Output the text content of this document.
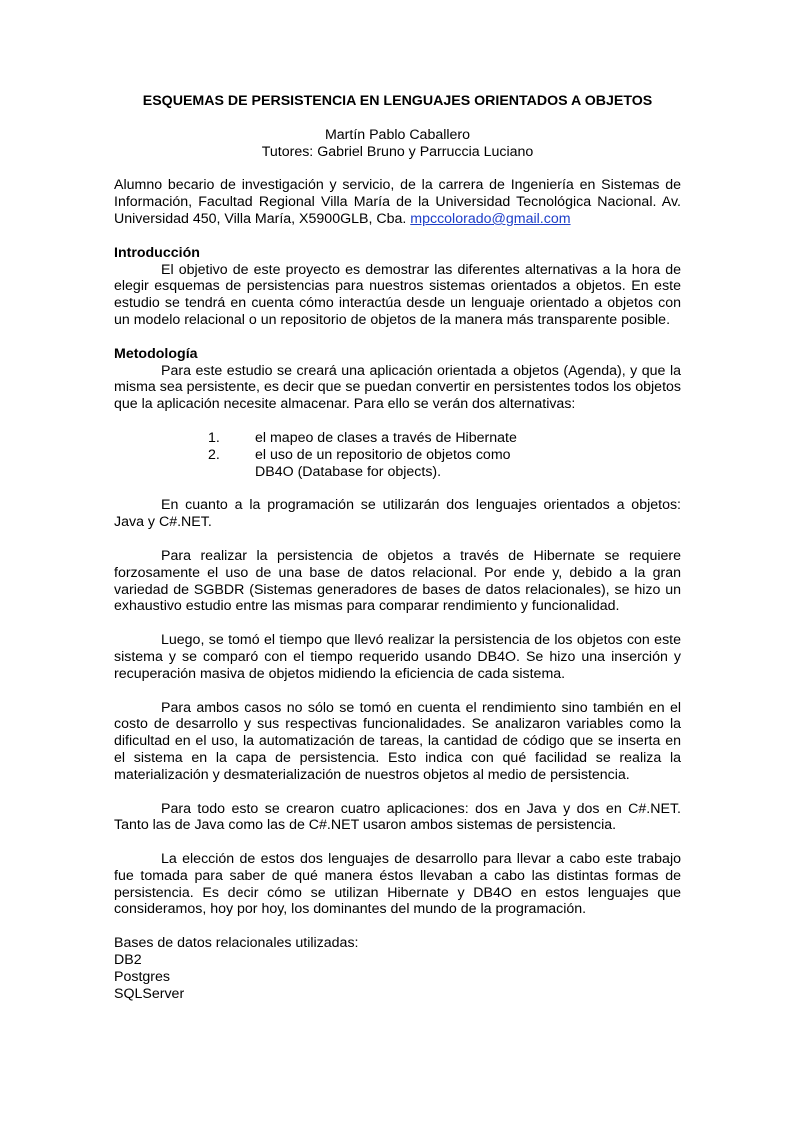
ESQUEMAS DE PERSISTENCIA EN LENGUAJES ORIENTADOS A OBJETOS

Martín Pablo Caballero

Tutores: Gabriel Bruno y Parruccia Luciano

Alumno becario de investigación y servicio, de la carrera de Ingeniería en Sistemas de Información, Facultad Regional Villa María de la Universidad Tecnológica Nacional. Av. Universidad 450, Villa María, X5900GLB, Cba. mpccolorado@gmail.com

Introducción

El objetivo de este proyecto es demostrar las diferentes alternativas a la hora de elegir esquemas de persistencias para nuestros sistemas orientados a objetos. En este estudio se tendrá en cuenta cómo interactúa desde un lenguaje orientado a objetos con un modelo relacional o un repositorio de objetos de la manera más transparente posible.

Metodología

Para este estudio se creará una aplicación orientada a objetos (Agenda), y que la misma sea persistente, es decir que se puedan convertir en persistentes todos los objetos que la aplicación necesite almacenar. Para ello se verán dos alternativas:

1.	el mapeo de clases a través de Hibernate
2.	el uso de un repositorio de objetos como DB4O (Database for objects).

En cuanto a la programación se utilizarán dos lenguajes orientados a objetos: Java y C#.NET.

Para realizar la persistencia de objetos a través de Hibernate se requiere forzosamente el uso de una base de datos relacional. Por ende y, debido a la gran variedad de SGBDR (Sistemas generadores de bases de datos relacionales), se hizo un exhaustivo estudio entre las mismas para comparar rendimiento y funcionalidad.

Luego, se tomó el tiempo que llevó realizar la persistencia de los objetos con este sistema y se comparó con el tiempo requerido usando DB4O. Se hizo una inserción y recuperación masiva de objetos midiendo la eficiencia de cada sistema.

Para ambos casos no sólo se tomó en cuenta el rendimiento sino también en el costo de desarrollo y sus respectivas funcionalidades. Se analizaron variables como la dificultad en el uso, la automatización de tareas, la cantidad de código que se inserta en el sistema en la capa de persistencia. Esto indica con qué facilidad se realiza la materialización y desmaterialización de nuestros objetos al medio de persistencia.

Para todo esto se crearon cuatro aplicaciones: dos en Java y dos en C#.NET. Tanto las de Java como las de C#.NET usaron ambos sistemas de persistencia.

La elección de estos dos lenguajes de desarrollo para llevar a cabo este trabajo fue tomada para saber de qué manera éstos llevaban a cabo las distintas formas de persistencia. Es decir cómo se utilizan Hibernate y DB4O en estos lenguajes que consideramos, hoy por hoy, los dominantes del mundo de la programación.

Bases de datos relacionales utilizadas:

DB2

Postgres

SQLServer
